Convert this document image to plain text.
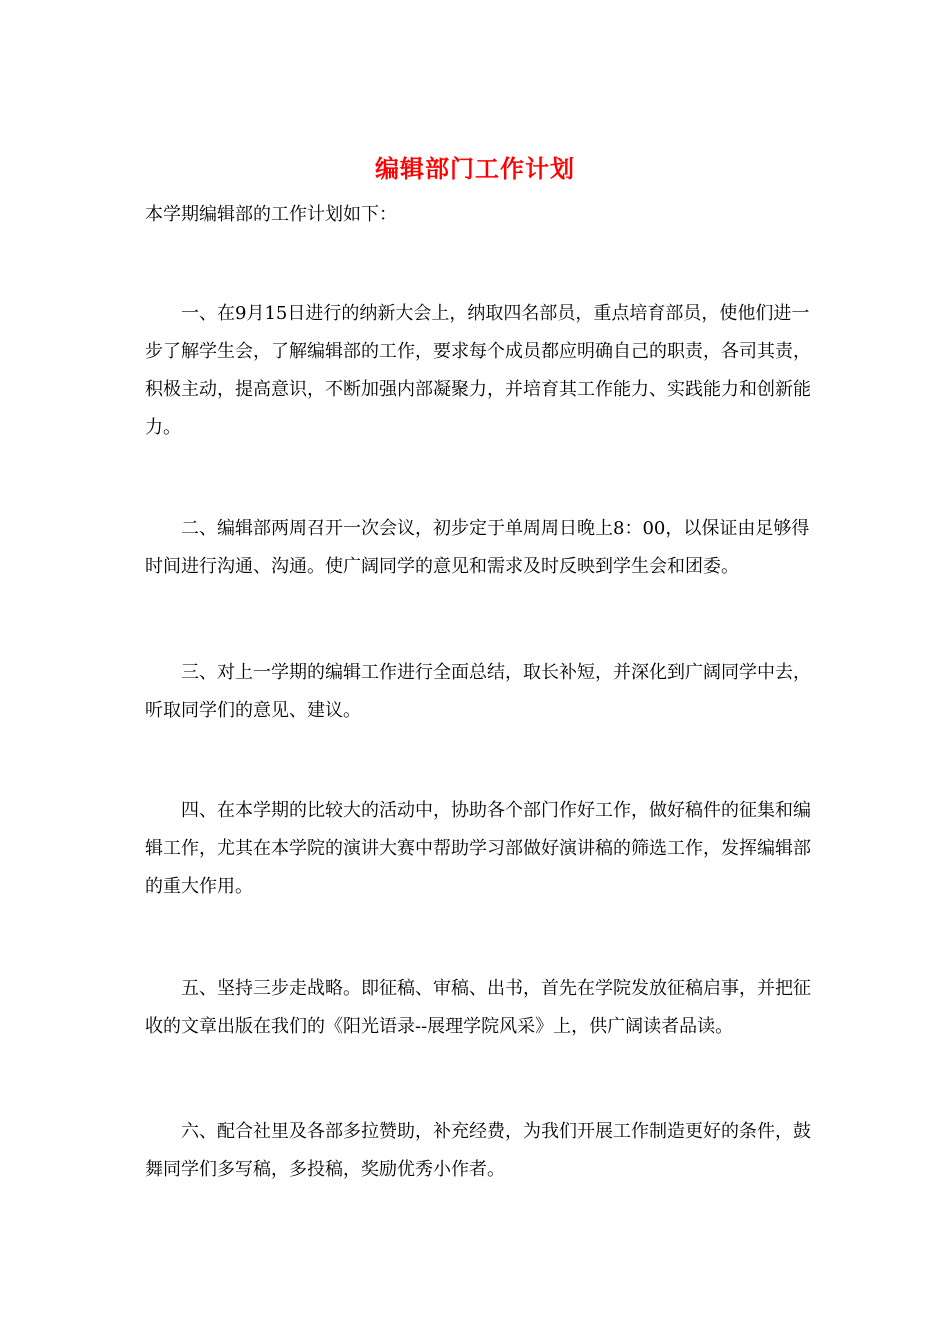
编辑部门工作计划

本学期编辑部的工作计划如下：

一、在9月15日进行的纳新大会上，纳取四名部员，重点培育部员，使他们进一步了解学生会，了解编辑部的工作，要求每个成员都应明确自己的职责，各司其责，积极主动，提高意识，不断加强内部凝聚力，并培育其工作能力、实践能力和创新能力。

二、编辑部两周召开一次会议，初步定于单周周日晚上8：00，以保证由足够得时间进行沟通、沟通。使广阔同学的意见和需求及时反映到学生会和团委。

三、对上一学期的编辑工作进行全面总结，取长补短，并深化到广阔同学中去，听取同学们的意见、建议。

四、在本学期的比较大的活动中，协助各个部门作好工作，做好稿件的征集和编辑工作，尤其在本学院的演讲大赛中帮助学习部做好演讲稿的筛选工作，发挥编辑部的重大作用。

五、坚持三步走战略。即征稿、审稿、出书，首先在学院发放征稿启事，并把征收的文章出版在我们的《阳光语录--展理学院风采》上，供广阔读者品读。

六、配合社里及各部多拉赞助，补充经费，为我们开展工作制造更好的条件，鼓舞同学们多写稿，多投稿，奖励优秀小作者。
